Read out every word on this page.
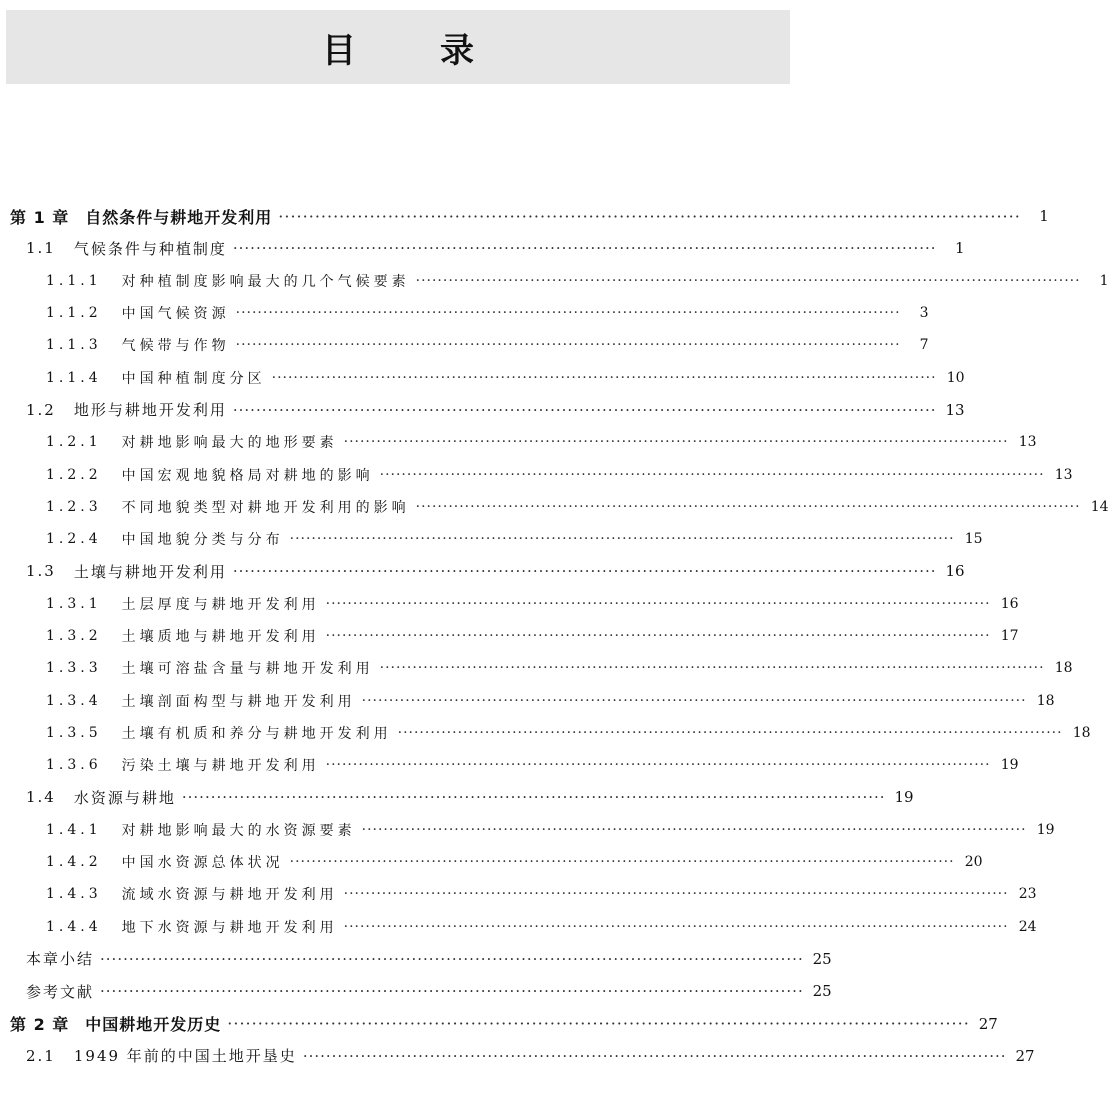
目 录
第 1 章 自然条件与耕地开发利用 ··························································································································	1
1.1 气候条件与种植制度 ··························································································································	1
1.1.1 对种植制度影响最大的几个气候要素 ··························································································································	1
1.1.2 中国气候资源 ··························································································································	3
1.1.3 气候带与作物 ··························································································································	7
1.1.4 中国种植制度分区 ·························································································································· 10
1.2 地形与耕地开发利用 ·························································································································· 13
1.2.1 对耕地影响最大的地形要素 ·························································································································· 13
1.2.2 中国宏观地貌格局对耕地的影响 ·························································································································· 13
1.2.3 不同地貌类型对耕地开发利用的影响 ·························································································································· 14
1.2.4 中国地貌分类与分布 ·························································································································· 15
1.3 土壤与耕地开发利用 ·························································································································· 16
1.3.1 土层厚度与耕地开发利用 ·························································································································· 16
1.3.2 土壤质地与耕地开发利用 ·························································································································· 17
1.3.3 土壤可溶盐含量与耕地开发利用 ·························································································································· 18
1.3.4 土壤剖面构型与耕地开发利用 ·························································································································· 18
1.3.5 土壤有机质和养分与耕地开发利用 ·························································································································· 18
1.3.6 污染土壤与耕地开发利用 ·························································································································· 19
1.4 水资源与耕地 ·························································································································· 19
1.4.1 对耕地影响最大的水资源要素 ·························································································································· 19
1.4.2 中国水资源总体状况 ·························································································································· 20
1.4.3 流域水资源与耕地开发利用 ·························································································································· 23
1.4.4 地下水资源与耕地开发利用 ·························································································································· 24
本章小结 ·························································································································· 25
参考文献 ·························································································································· 25
第 2 章 中国耕地开发历史 ·························································································································· 27
2.1 1949 年前的中国土地开垦史 ·························································································································· 27
